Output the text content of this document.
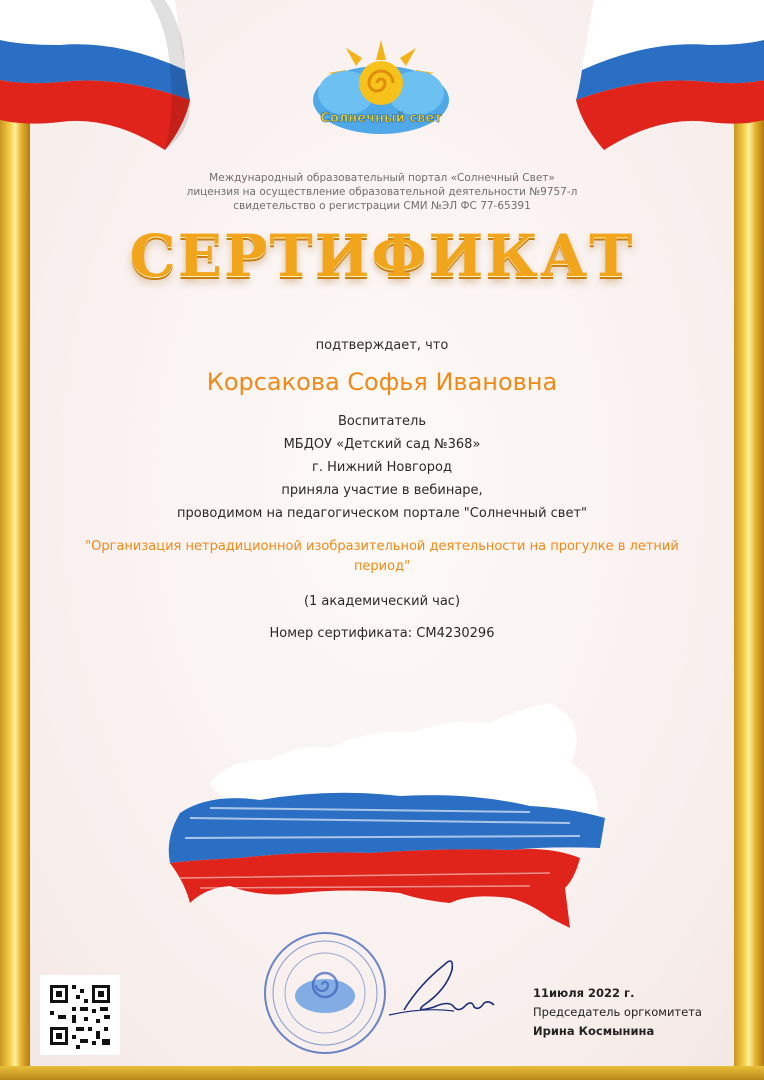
Солнечный свет
Международный образовательный портал «Солнечный Свет»
лицензия на осуществление образовательной деятельности №9757-л
свидетельство о регистрации СМИ №ЭЛ ФС 77-65391
СЕРТИФИКАТ
подтверждает, что
Корсакова Софья Ивановна
Воспитатель
МБДОУ «Детский сад №368»
г. Нижний Новгород
приняла участие в вебинаре,
проводимом на педагогическом портале "Солнечный свет"
"Организация нетрадиционной изобразительной деятельности на прогулке в летний период"
(1 академический час)
Номер сертификата: CM4230296
11июля 2022 г.
Председатель оргкомитета
Ирина Космынина
